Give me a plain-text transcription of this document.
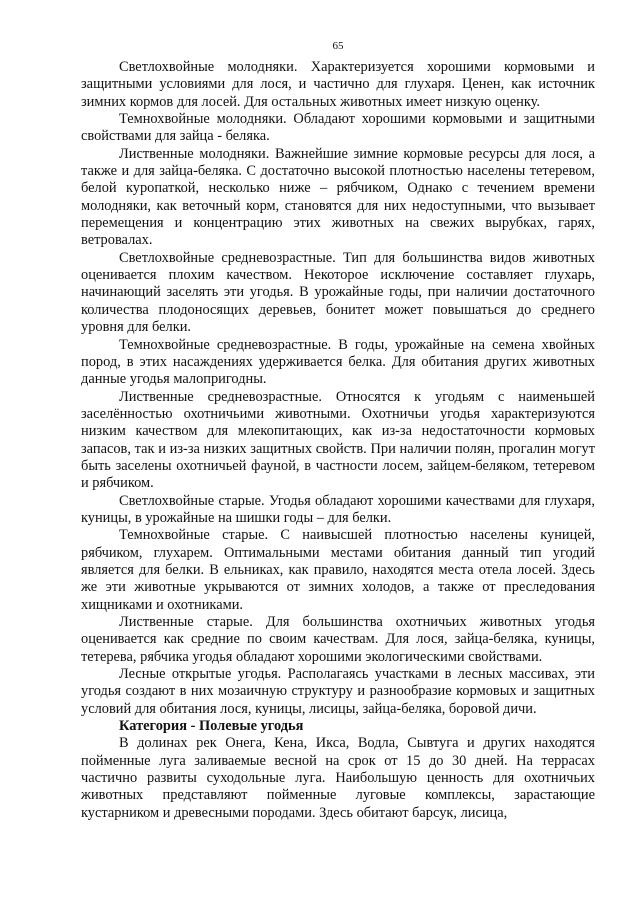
65

Светлохвойные молодняки. Характеризуется хорошими кормовыми и защитными условиями для лося, и частично для глухаря. Ценен, как источник зимних кормов для лосей. Для остальных животных имеет низкую оценку.

Темнохвойные молодняки. Обладают хорошими кормовыми и защитными свойствами для зайца - беляка.

Лиственные молодняки. Важнейшие зимние кормовые ресурсы для лося, а также и для зайца-беляка. С достаточно высокой плотностью населены тетеревом, белой куропаткой, несколько ниже – рябчиком, Однако с течением времени молодняки, как веточный корм, становятся для них недоступными, что вызывает перемещения и концентрацию этих животных на свежих вырубках, гарях, ветровалах.

Светлохвойные средневозрастные. Тип для большинства видов животных оценивается плохим качеством. Некоторое исключение составляет глухарь, начинающий заселять эти угодья. В урожайные годы, при наличии достаточного количества плодоносящих деревьев, бонитет может повышаться до среднего уровня для белки.

Темнохвойные средневозрастные. В годы, урожайные на семена хвойных пород, в этих насаждениях удерживается белка. Для обитания других животных данные угодья малопригодны.

Лиственные средневозрастные. Относятся к угодьям с наименьшей заселённостью охотничьими животными. Охотничьи угодья характеризуются низким качеством для млекопитающих, как из-за недостаточности кормовых запасов, так и из-за низких защитных свойств. При наличии полян, прогалин могут быть заселены охотничьей фауной, в частности лосем, зайцем-беляком, тетеревом и рябчиком.

Светлохвойные старые. Угодья обладают хорошими качествами для глухаря, куницы, в урожайные на шишки годы – для белки.

Темнохвойные старые. С наивысшей плотностью населены куницей, рябчиком, глухарем. Оптимальными местами обитания данный тип угодий является для белки. В ельниках, как правило, находятся места отела лосей. Здесь же эти животные укрываются от зимних холодов, а также от преследования хищниками и охотниками.

Лиственные старые. Для большинства охотничьих животных угодья оценивается как средние по своим качествам. Для лося, зайца-беляка, куницы, тетерева, рябчика угодья обладают хорошими экологическими свойствами.

Лесные открытые угодья. Располагаясь участками в лесных массивах, эти угодья создают в них мозаичную структуру и разнообразие кормовых и защитных условий для обитания лося, куницы, лисицы, зайца-беляка, боровой дичи.

Категория - Полевые угодья

В долинах рек Онега, Кена, Икса, Водла, Сывтуга и других находятся пойменные луга заливаемые весной на срок от 15 до 30 дней. На террасах частично развиты суходольные луга. Наибольшую ценность для охотничьих животных представляют пойменные луговые комплексы, зарастающие кустарником и древесными породами. Здесь обитают барсук, лисица,
